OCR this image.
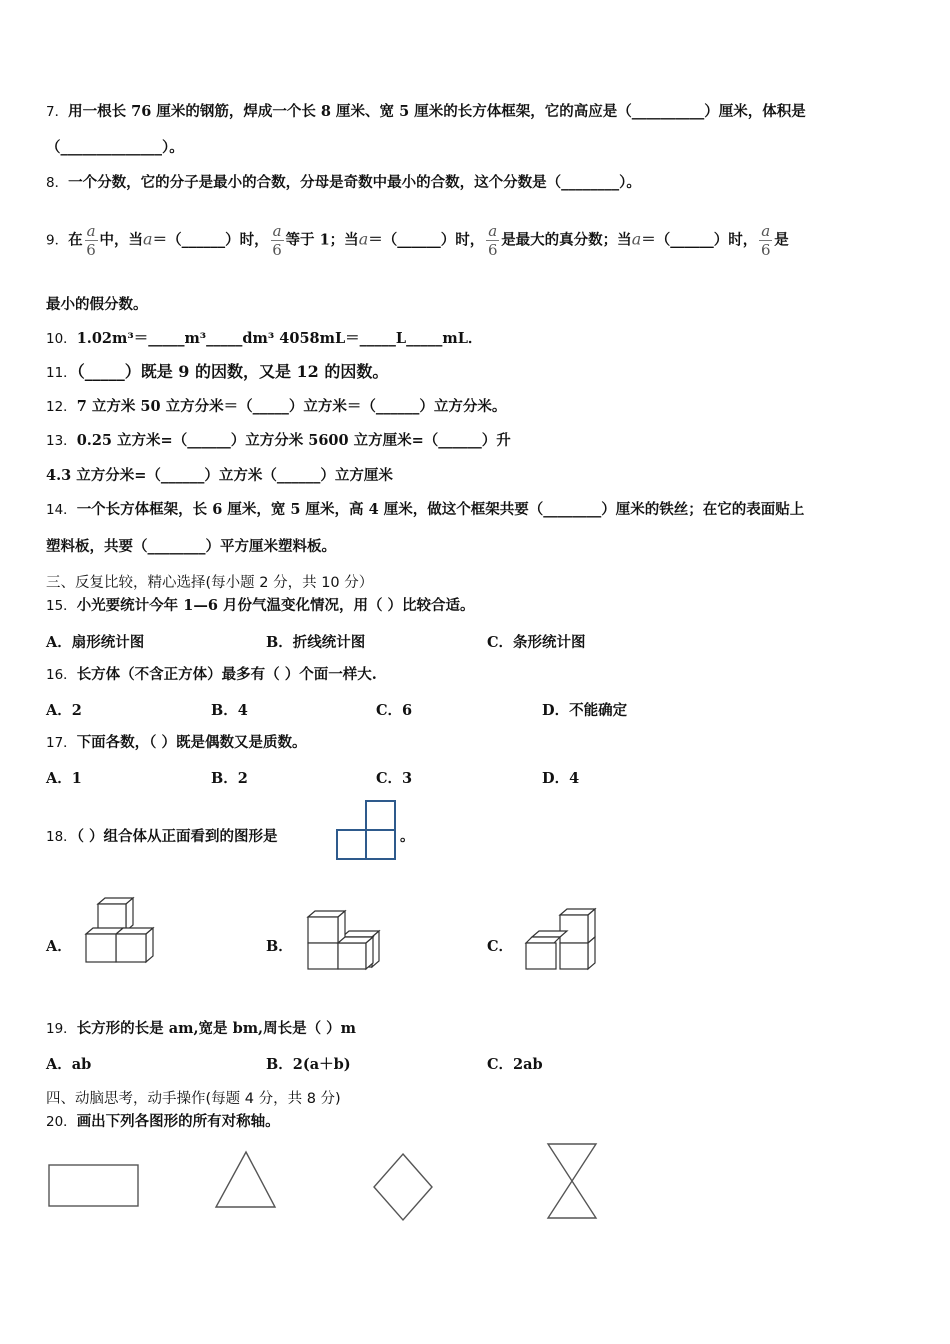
7．用一根长 76 厘米的钢筋，焊成一个长 8 厘米、宽 5 厘米的长方体框架，它的高应是（__________）厘米，体积是
（______________）。
8．一个分数，它的分子是最小的合数，分母是奇数中最小的合数，这个分数是（________）。
9．在 $\frac{a}{6}$ 中，当a＝（______）时， $\frac{a}{6}$ 等于 1；当a＝（______）时， $\frac{a}{6}$ 是最大的真分数；当a＝（______）时， $\frac{a}{6}$ 是
最小的假分数。
10．1.02m³＝_____m³_____dm³ 4058mL＝_____L_____mL．
11．（_____）既是 9 的因数，又是 12 的因数。
12．7 立方米 50 立方分米＝（_____）立方米＝（______）立方分米。
13．0.25 立方米=（______）立方分米 5600 立方厘米=（______）升
4.3 立方分米=（______）立方米（______）立方厘米
14．一个长方体框架，长 6 厘米，宽 5 厘米，高 4 厘米，做这个框架共要（________）厘米的铁丝；在它的表面贴上
塑料板，共要（________）平方厘米塑料板。
三、反复比较，精心选择(每小题 2 分，共 10 分）
15．小光要统计今年 1—6 月份气温变化情况，用（ ）比较合适。
A．扇形统计图	B．折线统计图	C．条形统计图
16．长方体（不含正方体）最多有（ ）个面一样大.
A．2	B．4	C．6	D．不能确定
17．下面各数，（ ）既是偶数又是质数。
A．1	B．2	C．3	D．4
18．（ ）组合体从正面看到的图形是	。
A．	B．	C．
19．长方形的长是 am,宽是 bm,周长是（ ）m
A．ab	B．2(a＋b)	C．2ab
四、动脑思考，动手操作(每题 4 分，共 8 分)
20．画出下列各图形的所有对称轴。
